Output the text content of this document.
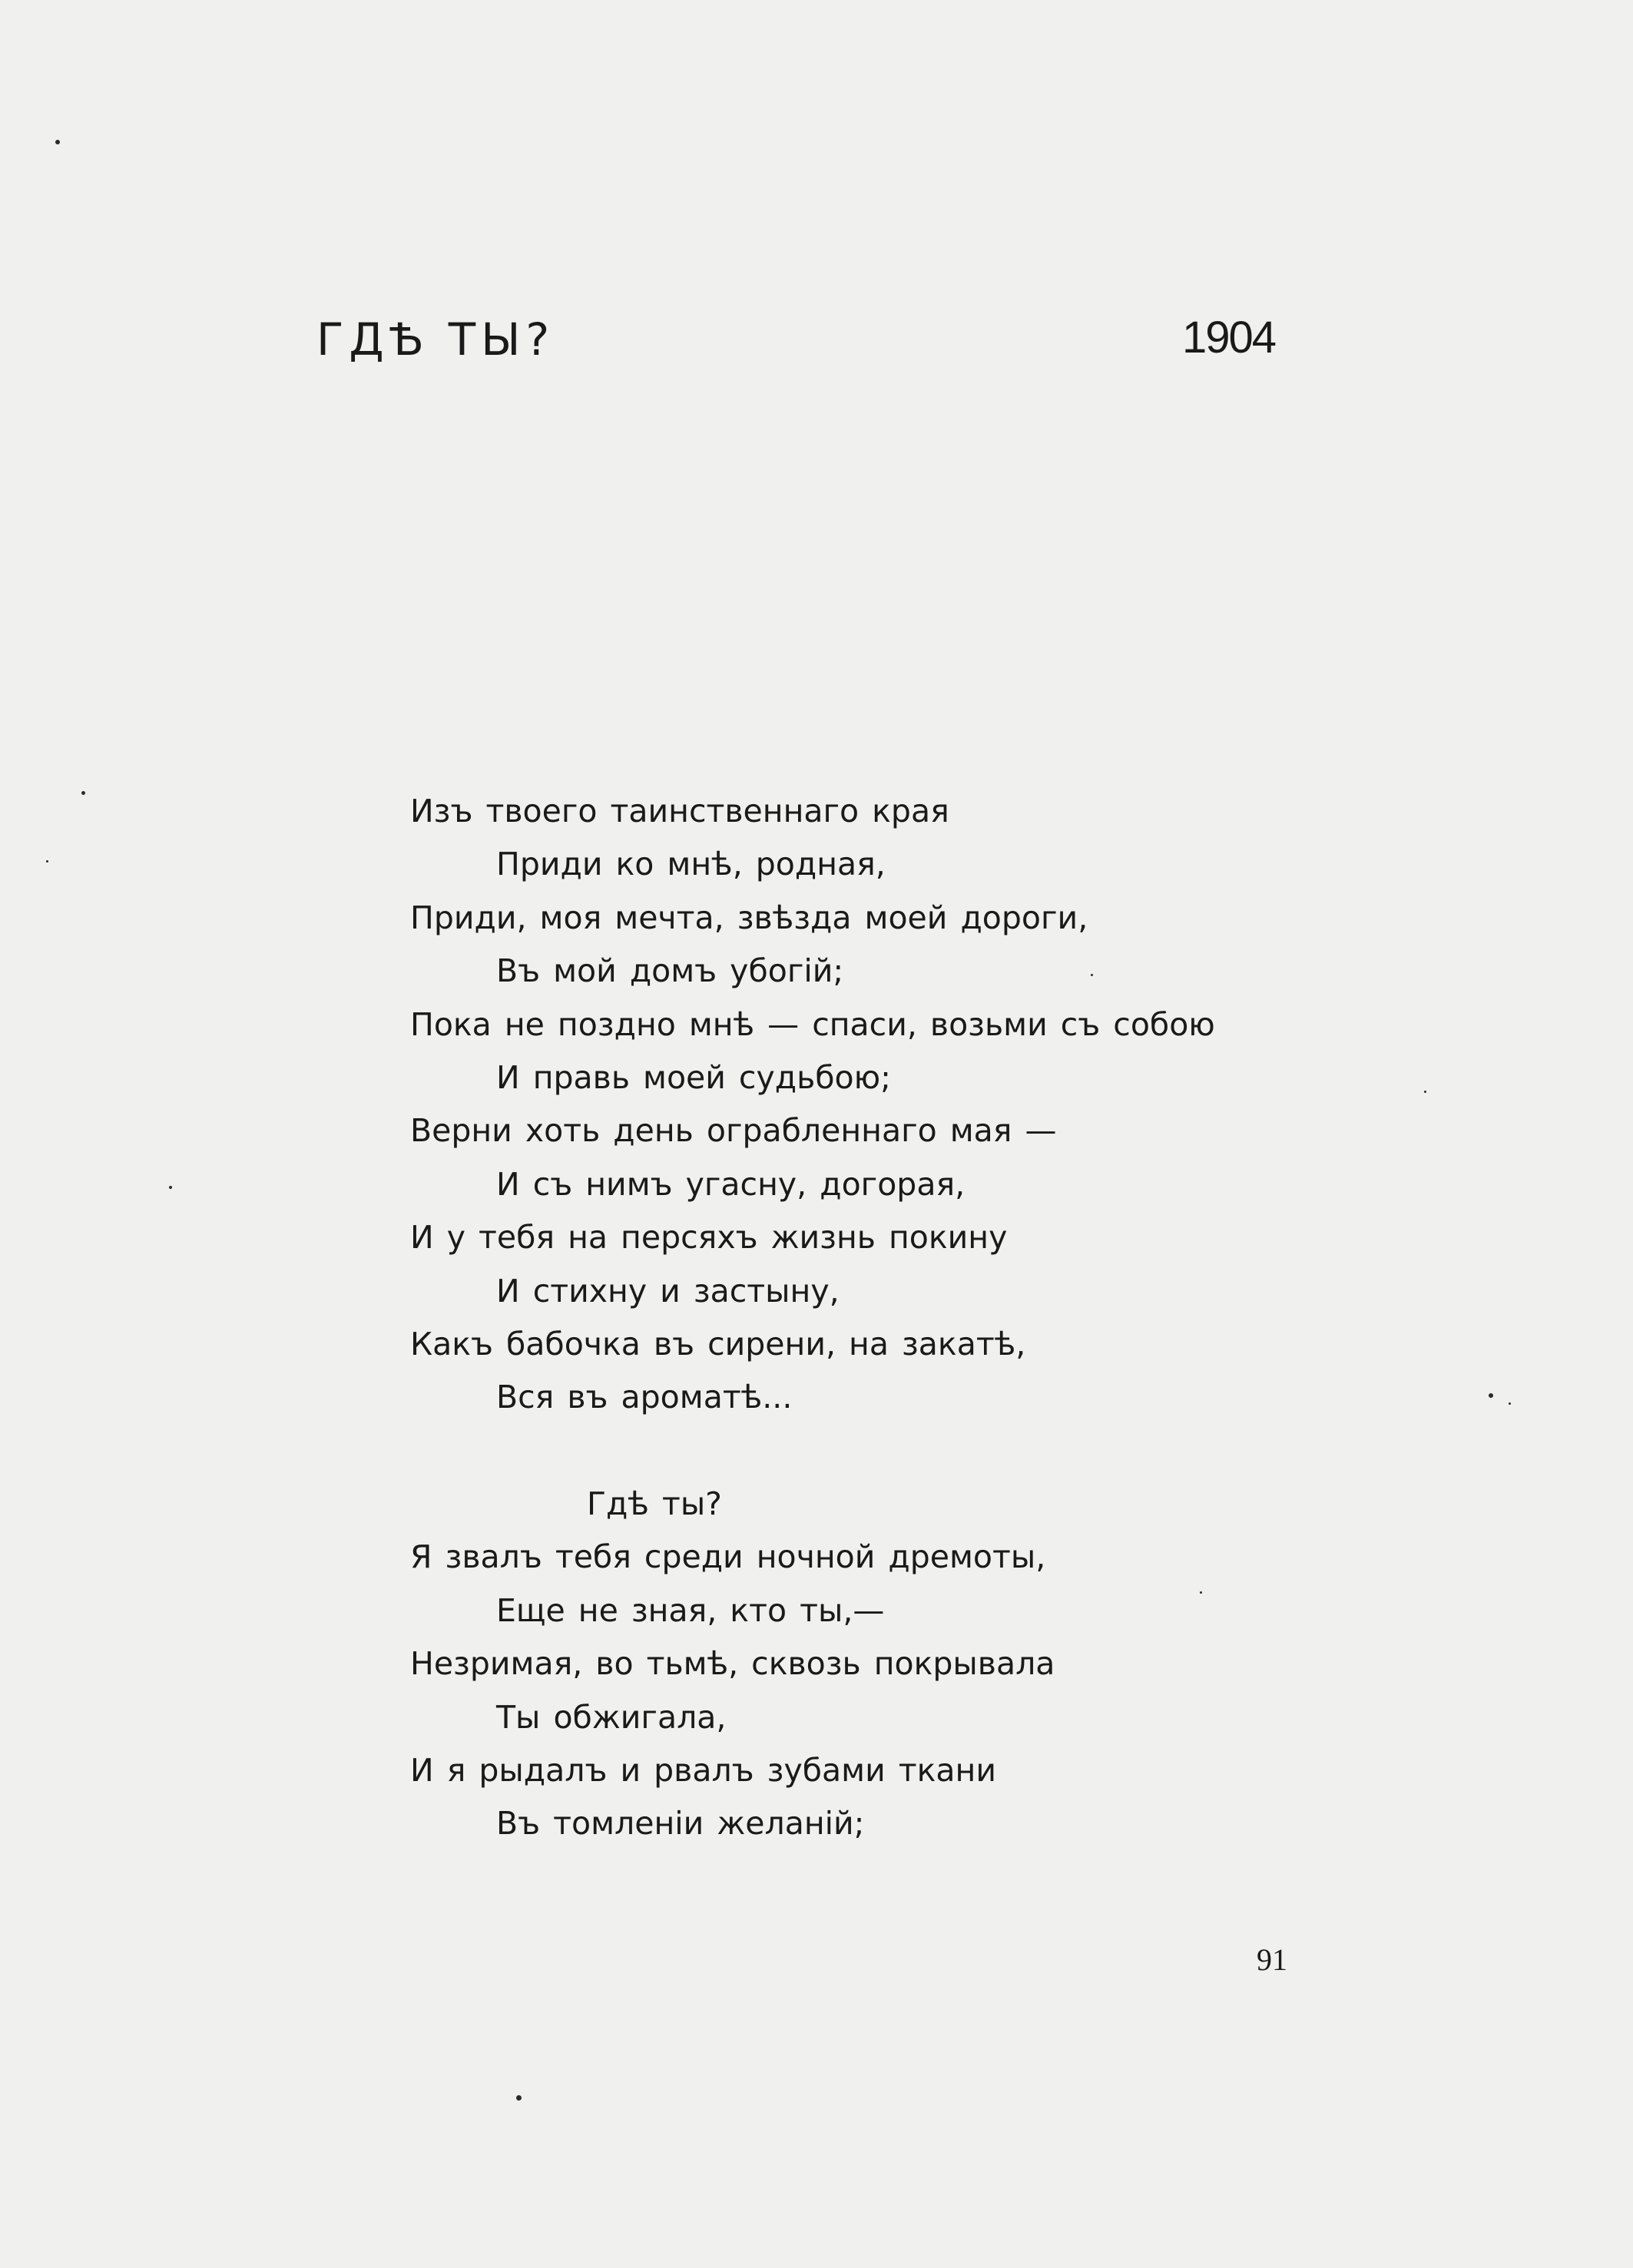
ГДѢ ТЫ?	1904
Изъ твоего таинственнаго края
Приди ко мнѣ, родная,
Приди, моя мечта, звѣзда моей дороги,
Въ мой домъ убогій;
Пока не поздно мнѣ — спаси, возьми съ собою
И правь моей судьбою;
Верни хоть день ограбленнаго мая —
И съ нимъ угасну, догорая,
И у тебя на персяхъ жизнь покину
И стихну и застыну,
Какъ бабочка въ сирени, на закатѣ,
Вся въ ароматѣ...
Гдѣ ты?
Я звалъ тебя среди ночной дремоты,
Еще не зная, кто ты,—
Незримая, во тьмѣ, сквозь покрывала
Ты обжигала,
И я рыдалъ и рвалъ зубами ткани
Въ томленіи желаній;
91
